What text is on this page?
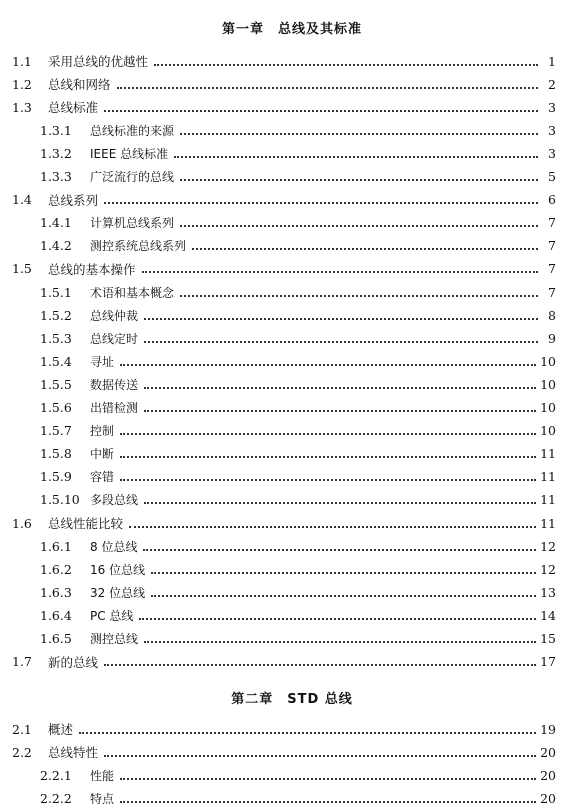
第一章　总线及其标准
1.1	采用总线的优越性	1
1.2	总线和网络	2
1.3	总线标准	3
1.3.1	总线标准的来源	3
1.3.2	IEEE 总线标准	3
1.3.3	广泛流行的总线	5
1.4	总线系列	6
1.4.1	计算机总线系列	7
1.4.2	测控系统总线系列	7
1.5	总线的基本操作	7
1.5.1	术语和基本概念	7
1.5.2	总线仲裁	8
1.5.3	总线定时	9
1.5.4	寻址	10
1.5.5	数据传送	10
1.5.6	出错检测	10
1.5.7	控制	10
1.5.8	中断	11
1.5.9	容错	11
1.5.10 多段总线	11
1.6	总线性能比较	11
1.6.1	8 位总线	12
1.6.2	16 位总线	12
1.6.3	32 位总线	13
1.6.4	PC 总线	14
1.6.5	测控总线	15
1.7	新的总线	17
第二章　STD 总线
2.1	概述	19
2.2	总线特性	20
2.2.1	性能	20
2.2.2	特点	20
